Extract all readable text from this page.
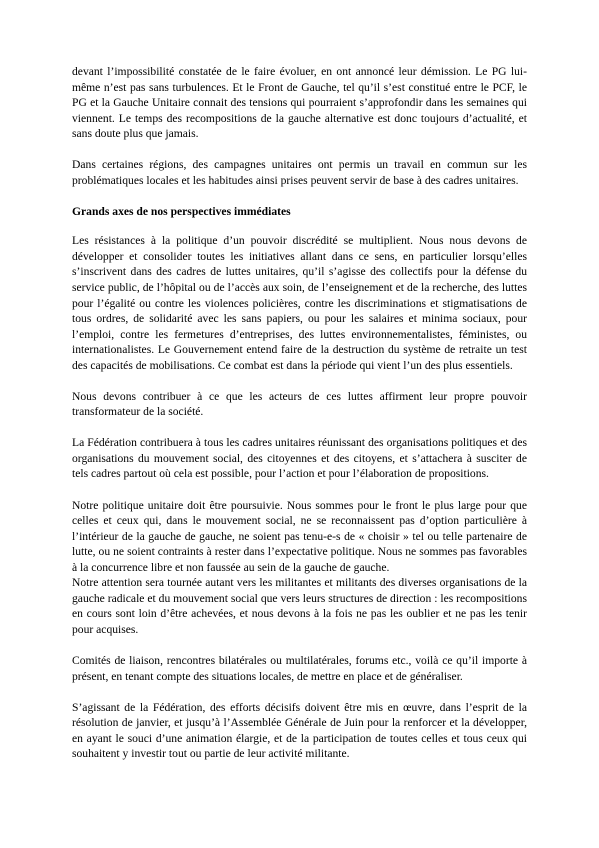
devant l’impossibilité constatée de le faire évoluer, en ont annoncé leur démission. Le PG lui-même n’est pas sans turbulences. Et le Front de Gauche, tel qu’il s’est constitué entre le PCF, le PG et la Gauche Unitaire connait des tensions qui pourraient s’approfondir dans les semaines qui viennent. Le temps des recompositions de la gauche alternative est donc toujours d’actualité, et sans doute plus que jamais.

Dans certaines régions, des campagnes unitaires ont permis un travail en commun sur les problématiques locales et les habitudes ainsi prises peuvent servir de base à des cadres unitaires.

Grands axes de nos perspectives immédiates

Les résistances à la politique d’un pouvoir discrédité se multiplient. Nous nous devons de développer et consolider toutes les initiatives allant dans ce sens, en particulier lorsqu’elles s’inscrivent dans des cadres de luttes unitaires, qu’il s’agisse des collectifs pour la défense du service public, de l’hôpital ou de l’accès aux soin, de l’enseignement et de la recherche, des luttes pour l’égalité ou contre les violences policières, contre les discriminations et stigmatisations de tous ordres, de solidarité avec les sans papiers, ou pour les salaires et minima sociaux, pour l’emploi, contre les fermetures d’entreprises, des luttes environnementalistes, féministes, ou internationalistes. Le Gouvernement entend faire de la destruction du système de retraite un test des capacités de mobilisations. Ce combat est dans la période qui vient l’un des plus essentiels.

Nous devons contribuer à ce que les acteurs de ces luttes affirment leur propre pouvoir transformateur de la société.

La Fédération contribuera à tous les cadres unitaires réunissant des organisations politiques et des organisations du mouvement social, des citoyennes et des citoyens, et s’attachera à susciter de tels cadres partout où cela est possible, pour l’action et pour l’élaboration de propositions.

Notre politique unitaire doit être poursuivie. Nous sommes pour le front le plus large pour que celles et ceux qui, dans le mouvement social, ne se reconnaissent pas d’option particulière à l’intérieur de la gauche de gauche, ne soient pas tenu-e-s de « choisir » tel ou telle partenaire de lutte, ou ne soient contraints à rester dans l’expectative politique. Nous ne sommes pas favorables à la concurrence libre et non faussée au sein de la gauche de gauche.

Notre attention sera tournée autant vers les militantes et militants des diverses organisations de la gauche radicale et du mouvement social que vers leurs structures de direction : les recompositions en cours sont loin d’être achevées, et nous devons à la fois ne pas les oublier et ne pas les tenir pour acquises.

Comités de liaison, rencontres bilatérales ou multilatérales, forums etc., voilà ce qu’il importe à présent, en tenant compte des situations locales, de mettre en place et de généraliser.

S’agissant de la Fédération, des efforts décisifs doivent être mis en œuvre, dans l’esprit de la résolution de janvier, et jusqu’à l’Assemblée Générale de Juin pour la renforcer et la développer, en ayant le souci d’une animation élargie, et de la participation de toutes celles et tous ceux qui souhaitent y investir tout ou partie de leur activité militante.
